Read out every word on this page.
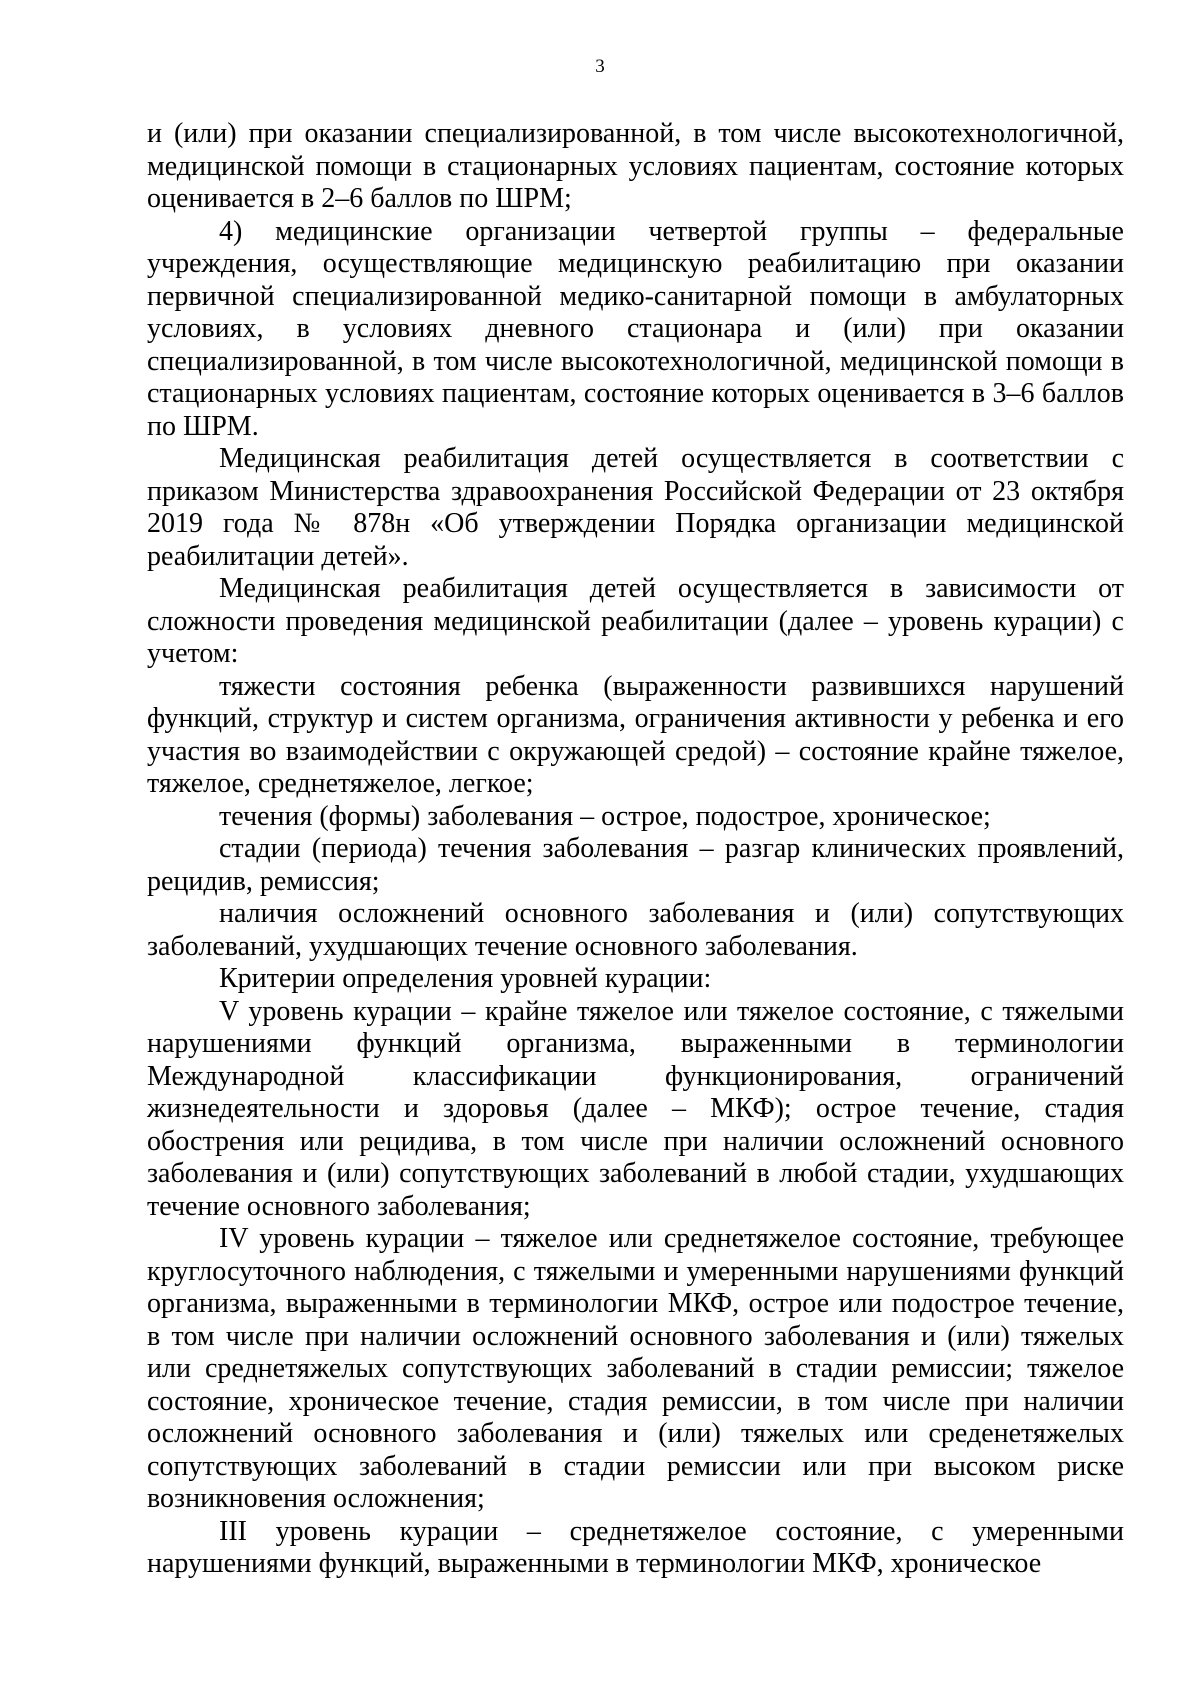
3

и (или) при оказании специализированной, в том числе высокотехнологичной, медицинской помощи в стационарных условиях пациентам, состояние которых оценивается в 2–6 баллов по ШРМ;

4) медицинские организации четвертой группы – федеральные учреждения, осуществляющие медицинскую реабилитацию при оказании первичной специализированной медико-санитарной помощи в амбулаторных условиях, в условиях дневного стационара и (или) при оказании специализированной, в том числе высокотехнологичной, медицинской помощи в стационарных условиях пациентам, состояние которых оценивается в 3–6 баллов по ШРМ.

Медицинская реабилитация детей осуществляется в соответствии с приказом Министерства здравоохранения Российской Федерации от 23 октября 2019 года № 878н «Об утверждении Порядка организации медицинской реабилитации детей».

Медицинская реабилитация детей осуществляется в зависимости от сложности проведения медицинской реабилитации (далее – уровень курации) с учетом:

тяжести состояния ребенка (выраженности развившихся нарушений функций, структур и систем организма, ограничения активности у ребенка и его участия во взаимодействии с окружающей средой) – состояние крайне тяжелое, тяжелое, среднетяжелое, легкое;

течения (формы) заболевания – острое, подострое, хроническое;

стадии (периода) течения заболевания – разгар клинических проявлений, рецидив, ремиссия;

наличия осложнений основного заболевания и (или) сопутствующих заболеваний, ухудшающих течение основного заболевания.

Критерии определения уровней курации:

V уровень курации – крайне тяжелое или тяжелое состояние, с тяжелыми нарушениями функций организма, выраженными в терминологии Международной классификации функционирования, ограничений жизнедеятельности и здоровья (далее – МКФ); острое течение, стадия обострения или рецидива, в том числе при наличии осложнений основного заболевания и (или) сопутствующих заболеваний в любой стадии, ухудшающих течение основного заболевания;

IV уровень курации – тяжелое или среднетяжелое состояние, требующее круглосуточного наблюдения, с тяжелыми и умеренными нарушениями функций организма, выраженными в терминологии МКФ, острое или подострое течение, в том числе при наличии осложнений основного заболевания и (или) тяжелых или среднетяжелых сопутствующих заболеваний в стадии ремиссии; тяжелое состояние, хроническое течение, стадия ремиссии, в том числе при наличии осложнений основного заболевания и (или) тяжелых или среденетяжелых сопутствующих заболеваний в стадии ремиссии или при высоком риске возникновения осложнения;

III уровень курации – среднетяжелое состояние, с умеренными нарушениями функций, выраженными в терминологии МКФ, хроническое
